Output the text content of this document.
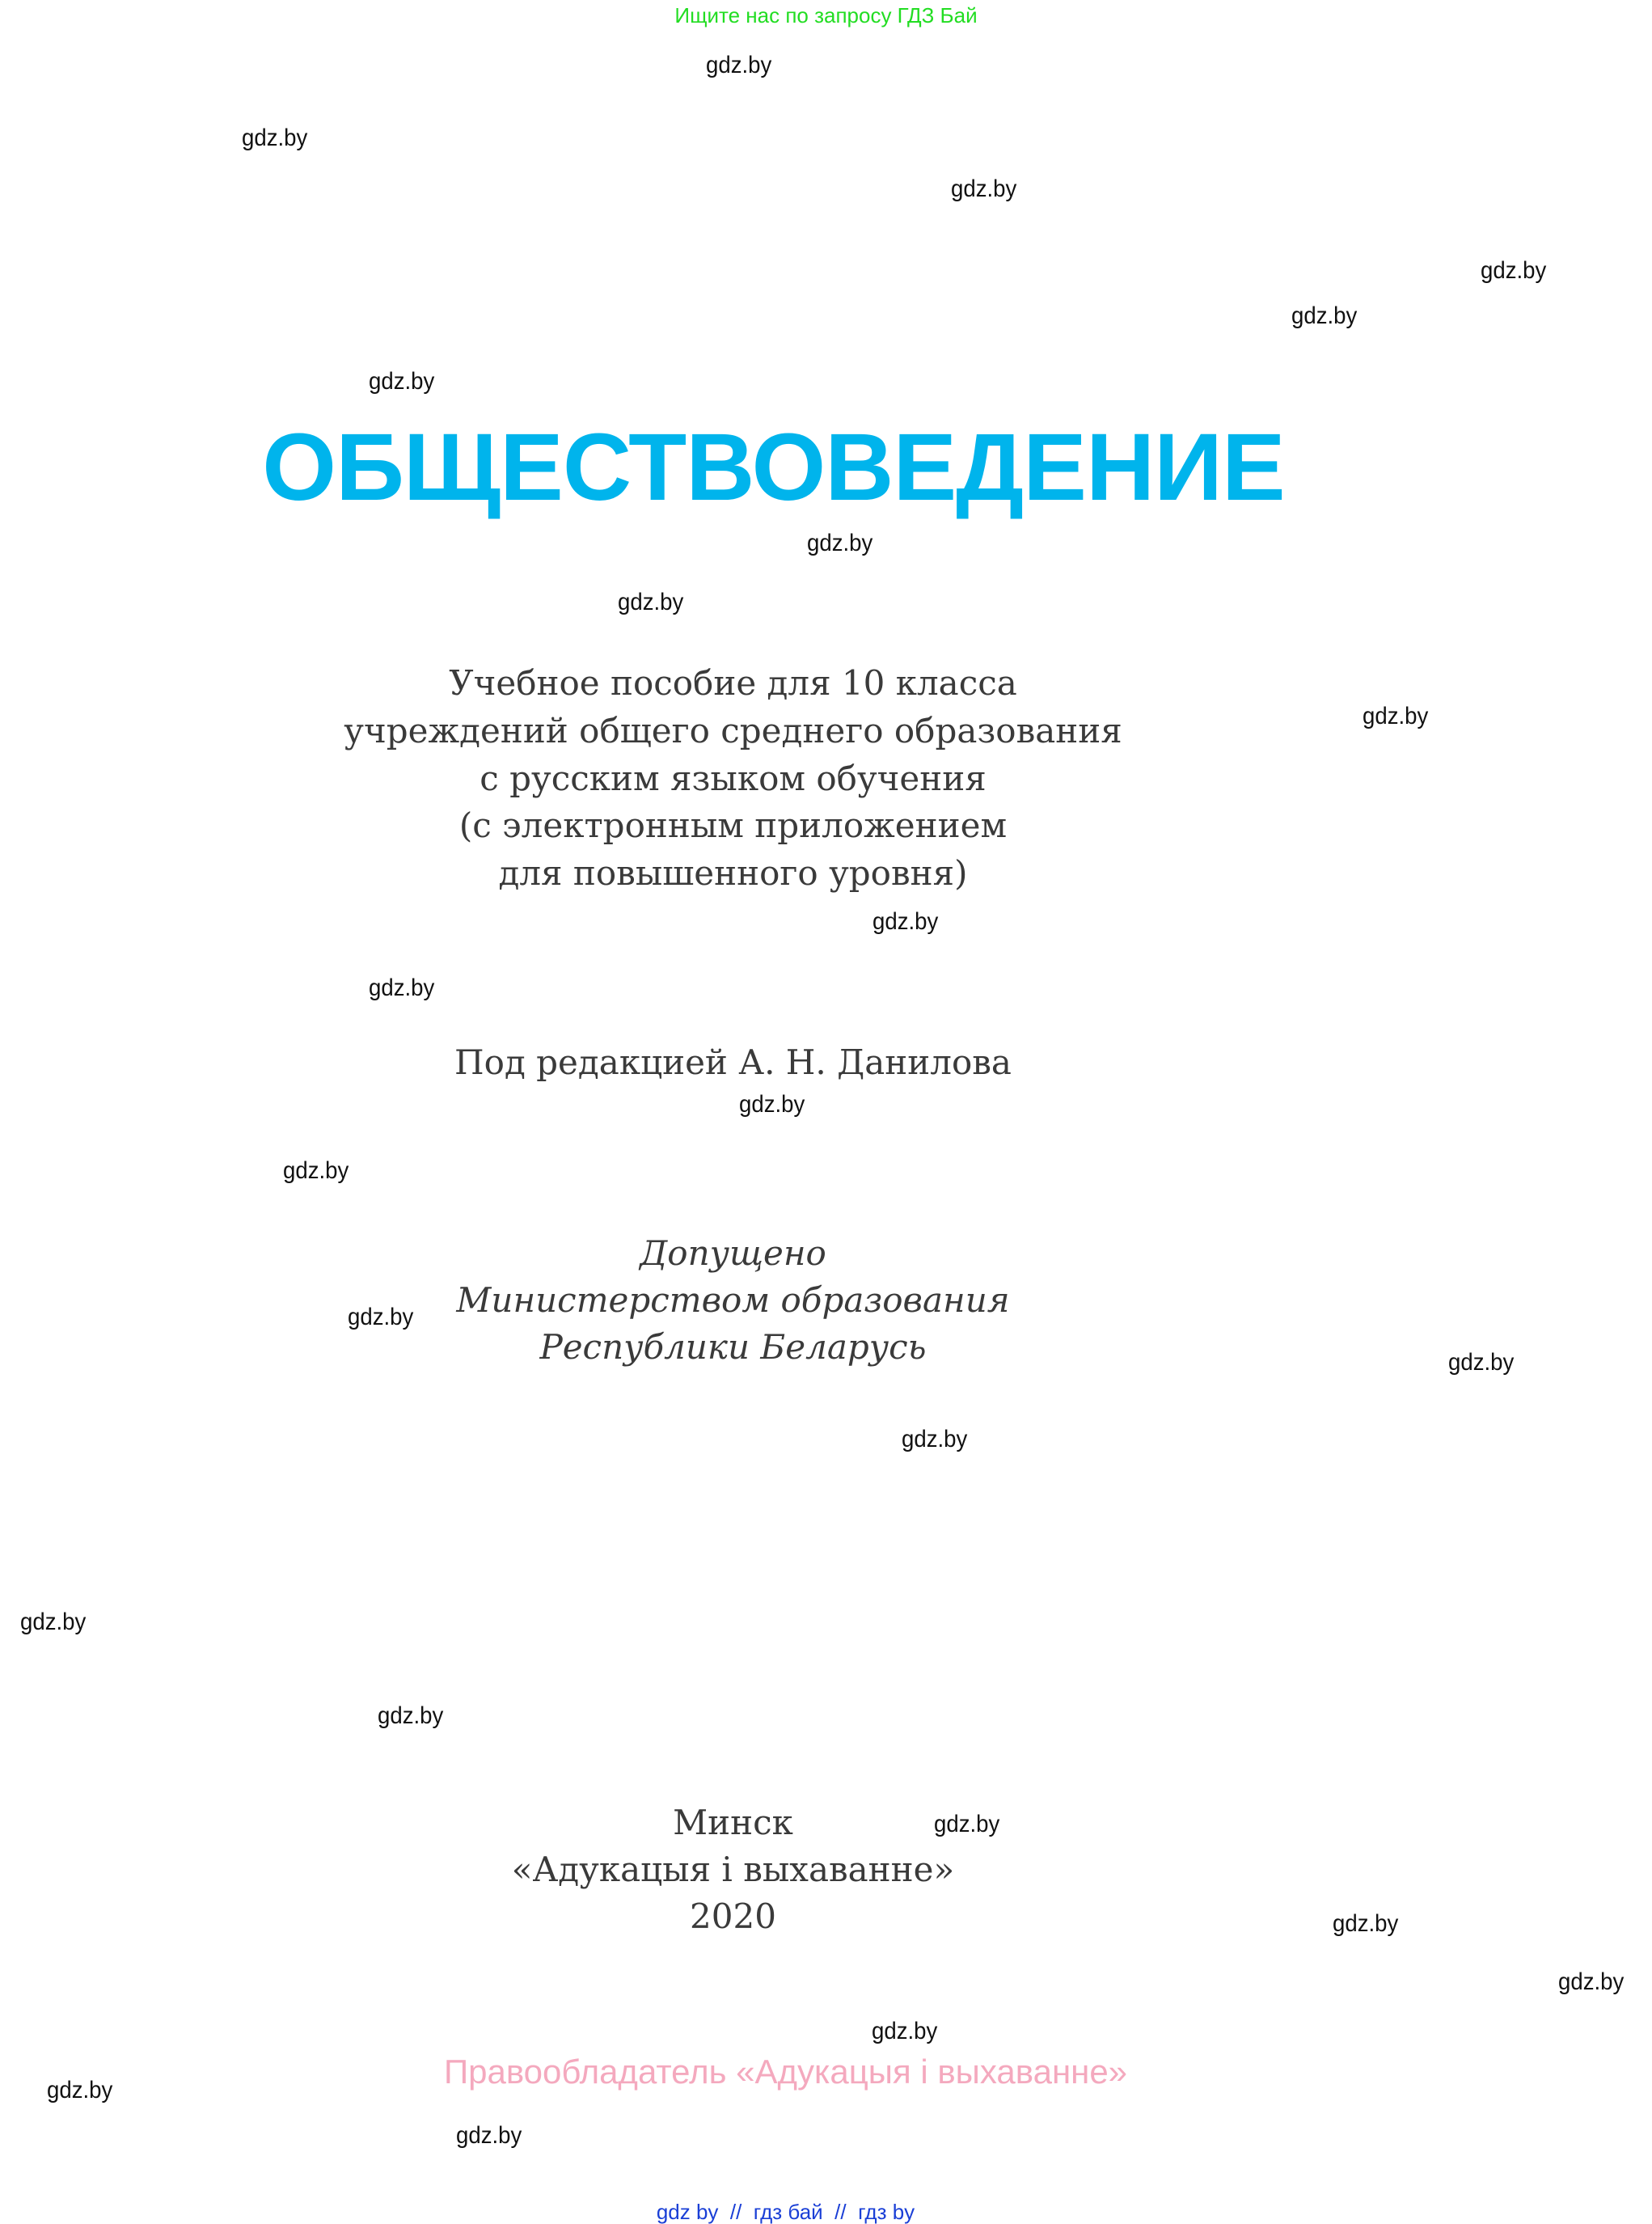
Ищите нас по запросу ГДЗ Бай
gdz.by
gdz.by
gdz.by
gdz.by
gdz.by
gdz.by
gdz.by
gdz.by
gdz.by
gdz.by
gdz.by
gdz.by
gdz.by
gdz.by
gdz.by
gdz.by
gdz.by
gdz.by
gdz.by
gdz.by
gdz.by
gdz.by
gdz.by
gdz.by
ОБЩЕСТВОВЕДЕНИЕ
Учебное пособие для 10 класса
учреждений общего среднего образования
с русским языком обучения
(с электронным приложением
для повышенного уровня)
Под редакцией А. Н. Данилова
Допущено
Министерством образования
Республики Беларусь
Минск
«Адукацыя і выхаванне»
2020
Правообладатель «Адукацыя і выхаванне»
gdz by // гдз бай // гдз by
